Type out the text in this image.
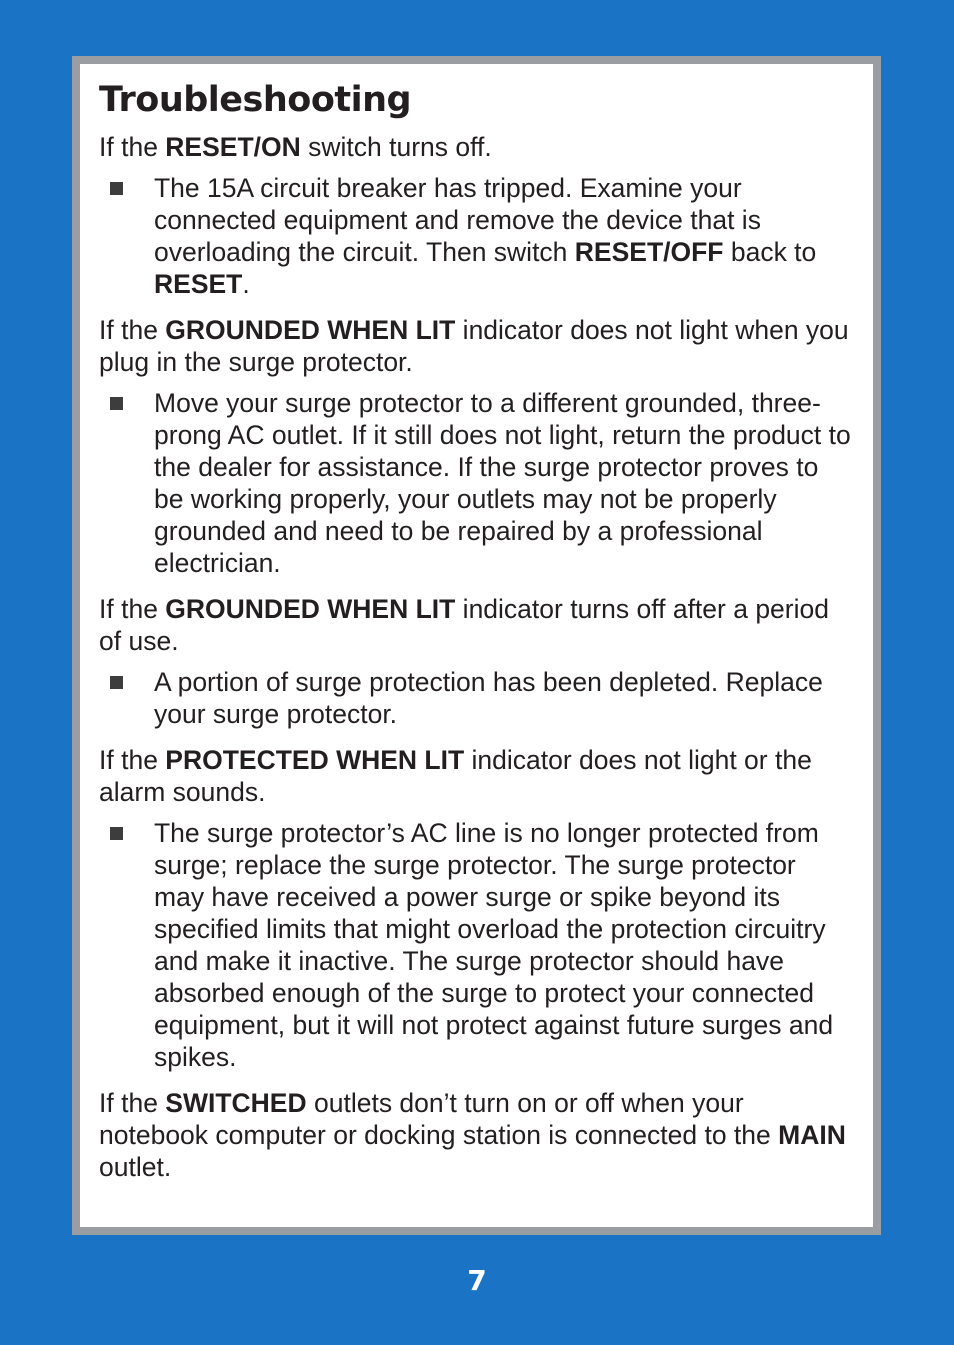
Troubleshooting

If the RESET/ON switch turns off.

The 15A circuit breaker has tripped. Examine your connected equipment and remove the device that is overloading the circuit. Then switch RESET/OFF back to RESET.

If the GROUNDED WHEN LIT indicator does not light when you plug in the surge protector.

Move your surge protector to a different grounded, three-prong AC outlet. If it still does not light, return the product to the dealer for assistance. If the surge protector proves to be working properly, your outlets may not be properly grounded and need to be repaired by a professional electrician.

If the GROUNDED WHEN LIT indicator turns off after a period of use.

A portion of surge protection has been depleted. Replace your surge protector.

If the PROTECTED WHEN LIT indicator does not light or the alarm sounds.

The surge protector’s AC line is no longer protected from surge; replace the surge protector. The surge protector may have received a power surge or spike beyond its specified limits that might overload the protection circuitry and make it inactive. The surge protector should have absorbed enough of the surge to protect your connected equipment, but it will not protect against future surges and spikes.

If the SWITCHED outlets don’t turn on or off when your notebook computer or docking station is connected to the MAIN outlet.

7
